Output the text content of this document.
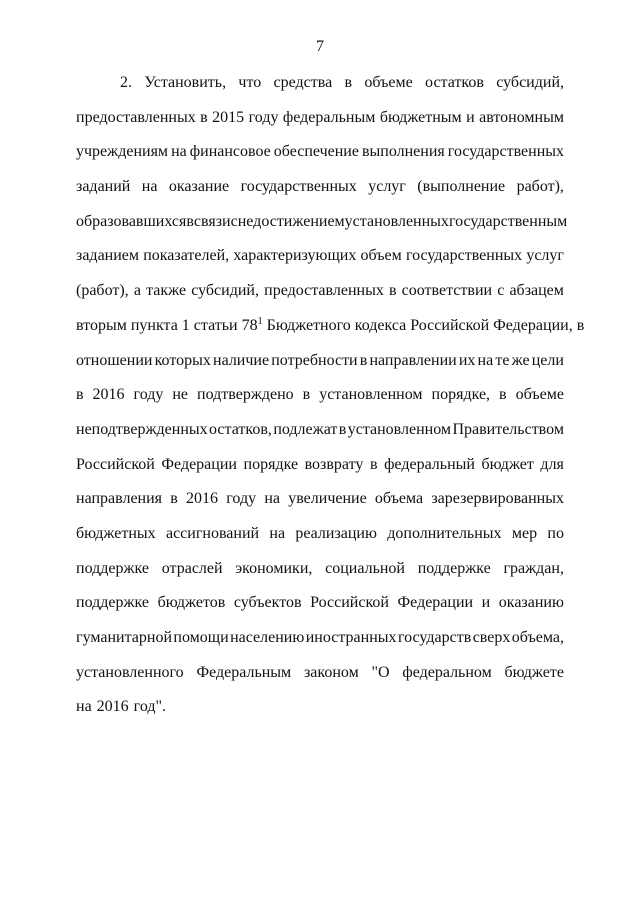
7
2. Установить, что средства в объеме остатков субсидий,
предоставленных в 2015 году федеральным бюджетным и автономным
учреждениям на финансовое обеспечение выполнения государственных
заданий на оказание государственных услуг (выполнение работ),
образовавшихся в связи с недостижением установленных государственным
заданием показателей, характеризующих объем государственных услуг
(работ), а также субсидий, предоставленных в соответствии с абзацем
вторым пункта 1 статьи $78^1$ Бюджетного кодекса Российской Федерации, в
отношении которых наличие потребности в направлении их на те же цели
в 2016 году не подтверждено в установленном порядке, в объеме
неподтвержденных остатков, подлежат в установленном Правительством
Российской Федерации порядке возврату в федеральный бюджет для
направления в 2016 году на увеличение объема зарезервированных
бюджетных ассигнований на реализацию дополнительных мер по
поддержке отраслей экономики, социальной поддержке граждан,
поддержке бюджетов субъектов Российской Федерации и оказанию
гуманитарной помощи населению иностранных государств сверх объема,
установленного Федеральным законом "О федеральном бюджете
на 2016 год".
